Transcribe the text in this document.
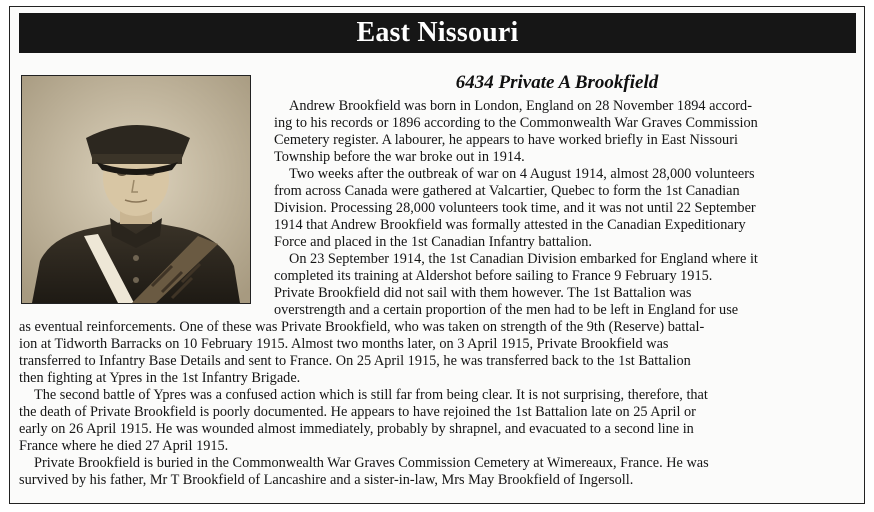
East Nissouri
6434 Private A Brookfield
Andrew Brookfield was born in London, England on 28 November 1894 accord-
ing to his records or 1896 according to the Commonwealth War Graves Commission
Cemetery register. A labourer, he appears to have worked briefly in East Nissouri
Township before the war broke out in 1914.
Two weeks after the outbreak of war on 4 August 1914, almost 28,000 volunteers
from across Canada were gathered at Valcartier, Quebec to form the 1st Canadian
Division. Processing 28,000 volunteers took time, and it was not until 22 September
1914 that Andrew Brookfield was formally attested in the Canadian Expeditionary
Force and placed in the 1st Canadian Infantry battalion.
On 23 September 1914, the 1st Canadian Division embarked for England where it
completed its training at Aldershot before sailing to France 9 February 1915.
Private Brookfield did not sail with them however. The 1st Battalion was
overstrength and a certain proportion of the men had to be left in England for use
as eventual reinforcements. One of these was Private Brookfield, who was taken on strength of the 9th (Reserve) battal-
ion at Tidworth Barracks on 10 February 1915. Almost two months later, on 3 April 1915, Private Brookfield was
transferred to Infantry Base Details and sent to France. On 25 April 1915, he was transferred back to the 1st Battalion
then fighting at Ypres in the 1st Infantry Brigade.
The second battle of Ypres was a confused action which is still far from being clear. It is not surprising, therefore, that
the death of Private Brookfield is poorly documented. He appears to have rejoined the 1st Battalion late on 25 April or
early on 26 April 1915. He was wounded almost immediately, probably by shrapnel, and evacuated to a second line in
France where he died 27 April 1915.
Private Brookfield is buried in the Commonwealth War Graves Commission Cemetery at Wimereaux, France. He was
survived by his father, Mr T Brookfield of Lancashire and a sister-in-law, Mrs May Brookfield of Ingersoll.
